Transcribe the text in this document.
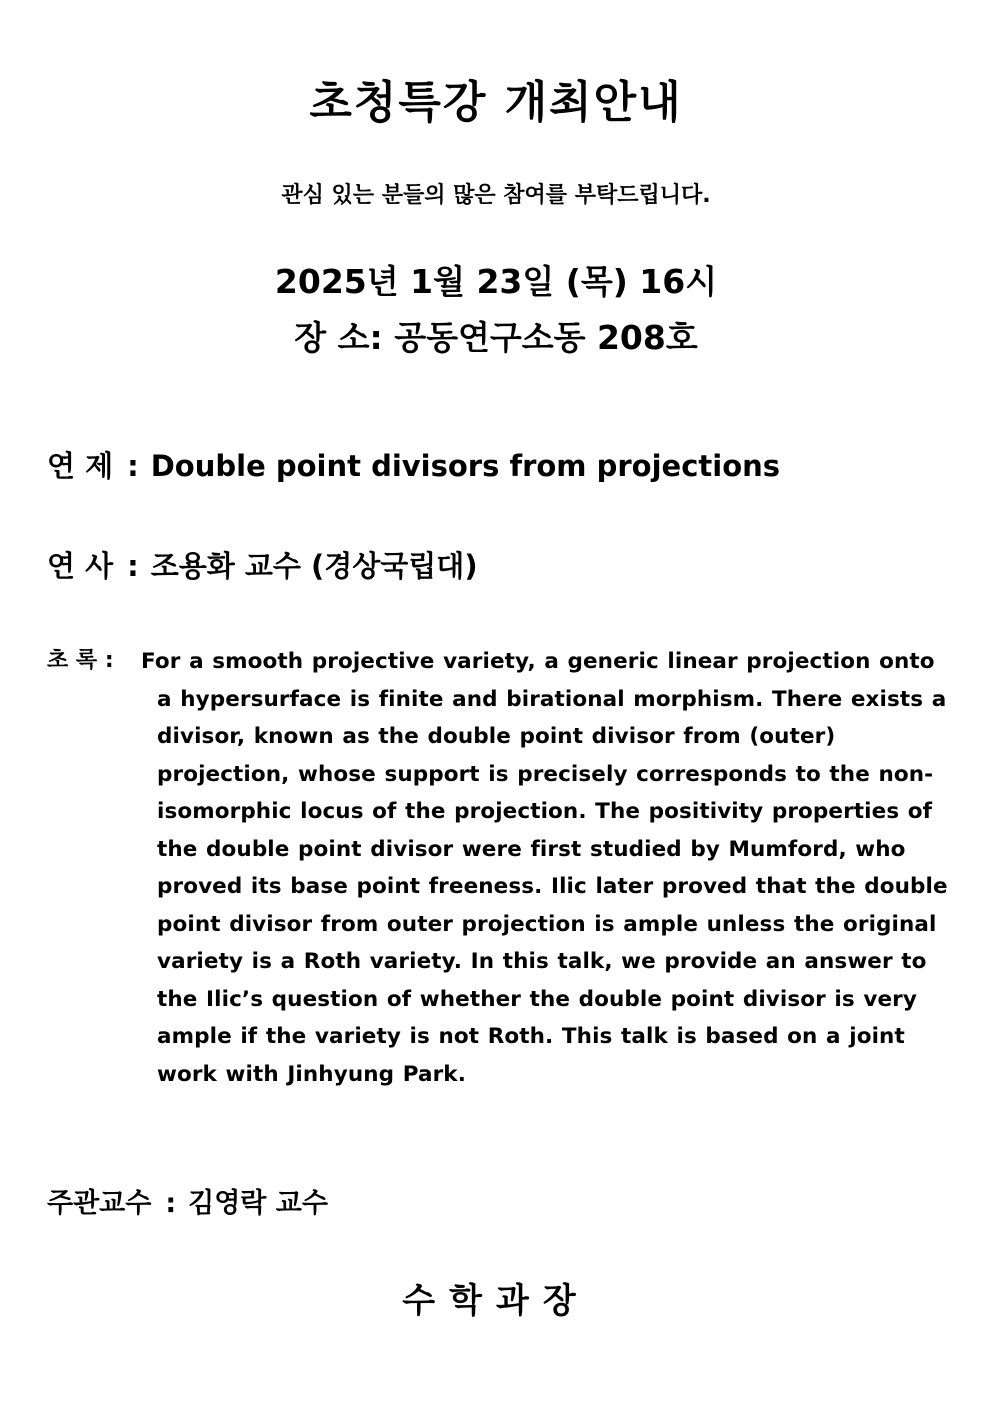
초청특강 개최안내
관심 있는 분들의 많은 참여를 부탁드립니다.
2025년 1월 23일 (목) 16시
장 소: 공동연구소동 208호
연 제 : Double point divisors from projections
연 사 : 조용화 교수 (경상국립대)
초 록 :	For a smooth projective variety, a generic linear projection onto a hypersurface is finite and birational morphism. There exists a divisor, known as the double point divisor from (outer) projection, whose support is precisely corresponds to the non-isomorphic locus of the projection. The positivity properties of the double point divisor were first studied by Mumford, who proved its base point freeness. Ilic later proved that the double point divisor from outer projection is ample unless the original variety is a Roth variety. In this talk, we provide an answer to the Ilic’s question of whether the double point divisor is very ample if the variety is not Roth. This talk is based on a joint work with Jinhyung Park.

주관교수 : 김영락 교수
수학과장
